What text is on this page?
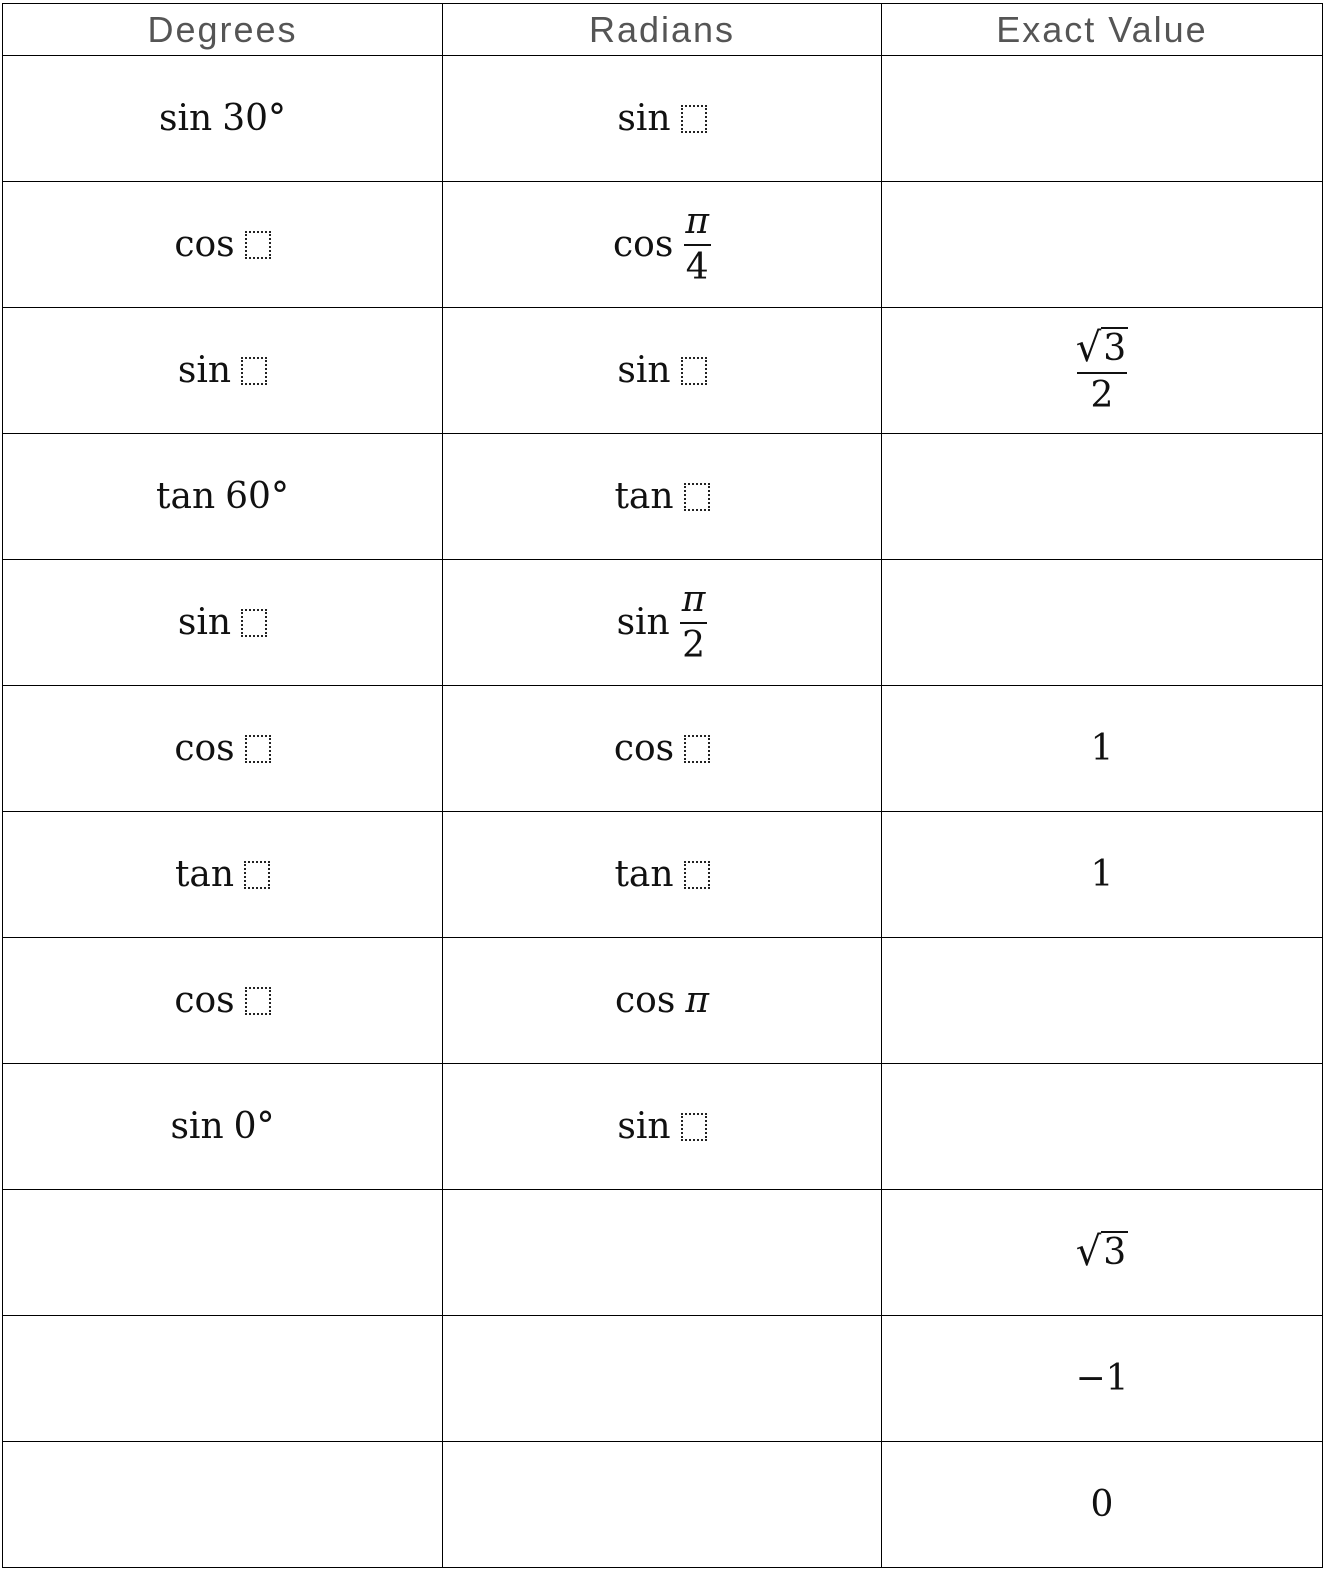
Degrees	Radians	Exact Value

sin 30°	sin	

cos	$\cos \frac{\pi}{4}$

sin	sin	$\frac{√ 3}{2}$

tan 60°	tan	

sin	$\sin \frac{\pi}{2}$

cos	cos	1

tan	tan	1

cos	cos π	

sin 0°	sin	

		√ 3

		−1
		0
